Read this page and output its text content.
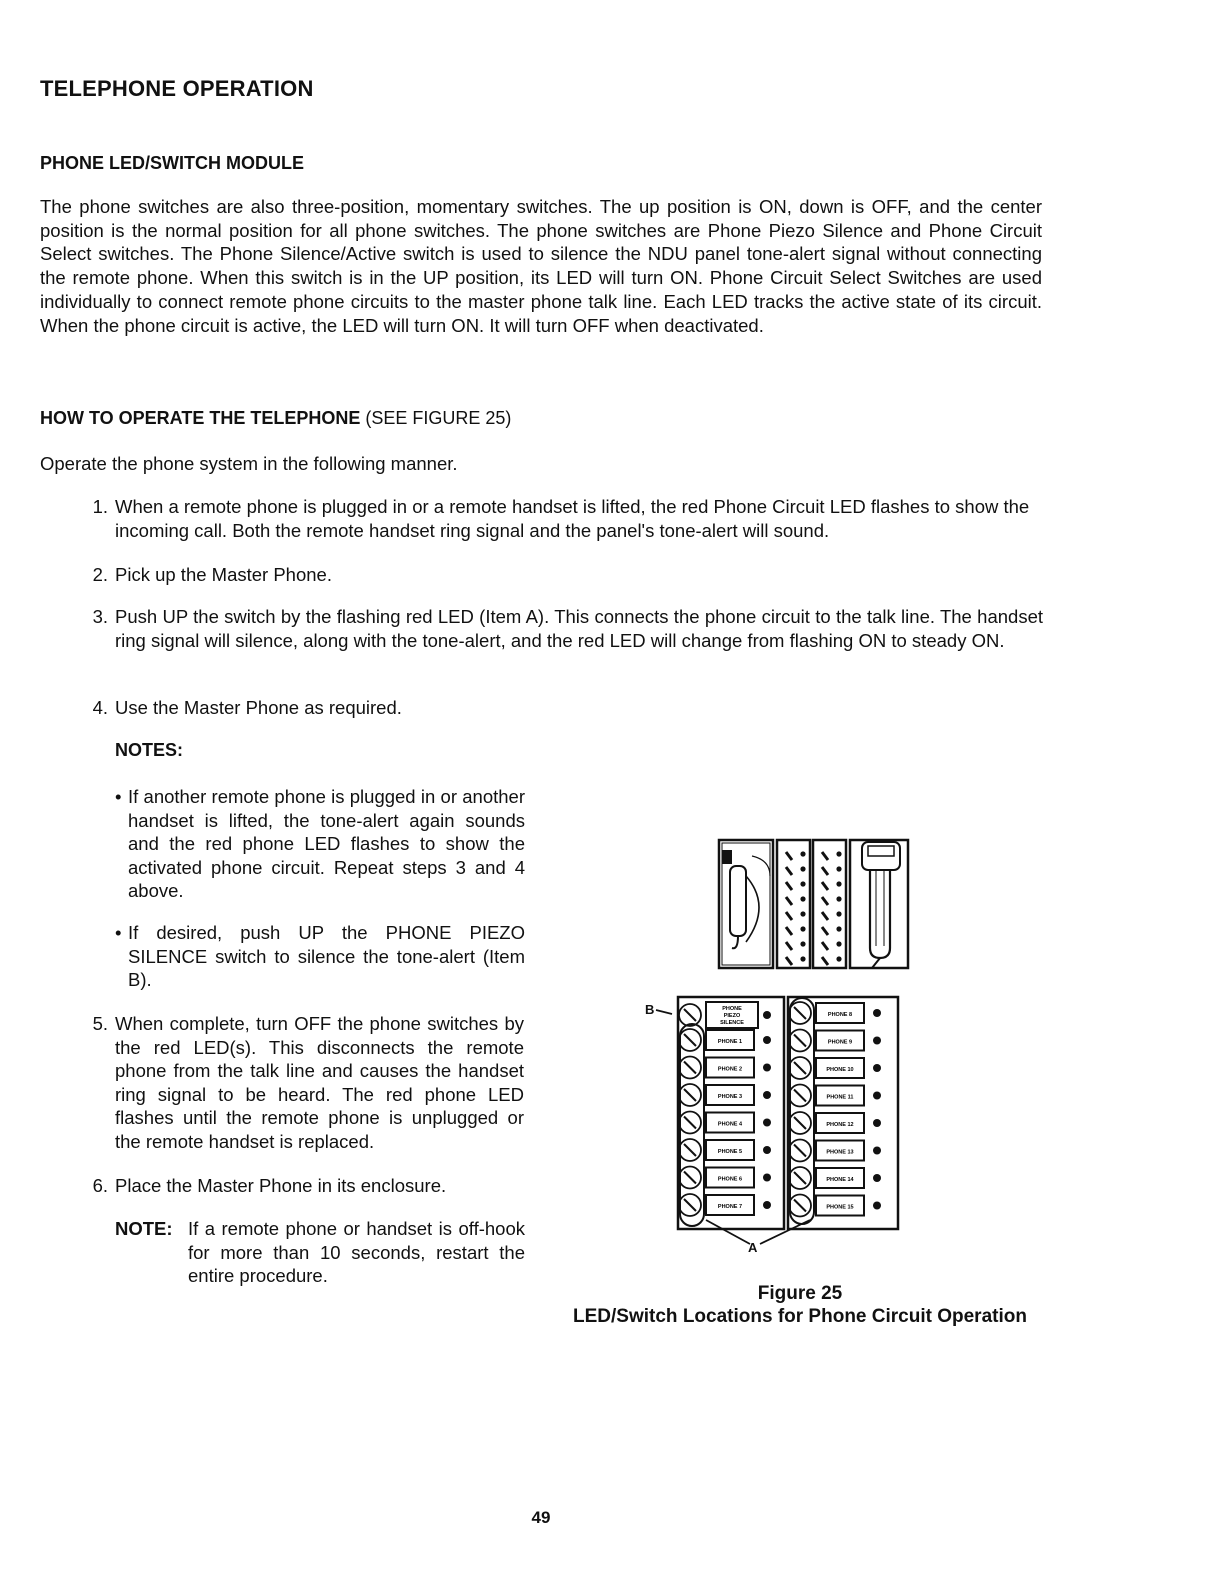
TELEPHONE OPERATION
PHONE LED/SWITCH MODULE
The phone switches are also three-position, momentary switches. The up position is ON, down is OFF, and the center position is the normal position for all phone switches. The phone switches are Phone Piezo Silence and Phone Circuit Select switches. The Phone Silence/Active switch is used to silence the NDU panel tone-alert signal without connecting the remote phone. When this switch is in the UP position, its LED will turn ON. Phone Circuit Select Switches are used individually to connect remote phone circuits to the master phone talk line. Each LED tracks the active state of its circuit. When the phone circuit is active, the LED will turn ON. It will turn OFF when deactivated.
HOW TO OPERATE THE TELEPHONE (SEE FIGURE 25)
Operate the phone system in the following manner.
1. When a remote phone is plugged in or a remote handset is lifted, the red Phone Circuit LED flashes to show the incoming call. Both the remote handset ring signal and the panel's tone-alert will sound.
2. Pick up the Master Phone.
3. Push UP the switch by the flashing red LED (Item A). This connects the phone circuit to the talk line. The handset ring signal will silence, along with the tone-alert, and the red LED will change from flashing ON to steady ON.
4. Use the Master Phone as required.
NOTES:
• If another remote phone is plugged in or another handset is lifted, the tone-alert again sounds and the red phone LED flashes to show the activated phone circuit. Repeat steps 3 and 4 above.
• If desired, push UP the PHONE PIEZO SILENCE switch to silence the tone-alert (Item B).
5. When complete, turn OFF the phone switches by the red LED(s). This disconnects the remote phone from the talk line and causes the handset ring signal to be heard. The red phone LED flashes until the remote phone is unplugged or the remote handset is replaced.
6. Place the Master Phone in its enclosure.
NOTE: If a remote phone or handset is off-hook for more than 10 seconds, restart the entire procedure.
B	PHONE
PIEZO
SILENCE
PHONE 1
PHONE 2
PHONE 3
PHONE 4
PHONE 5
PHONE 6
PHONE 7
PHONE 8
PHONE 9
PHONE 10
PHONE 11
PHONE 12
PHONE 13
PHONE 14
PHONE 15
A
Figure 25
LED/Switch Locations for Phone Circuit Operation
49
